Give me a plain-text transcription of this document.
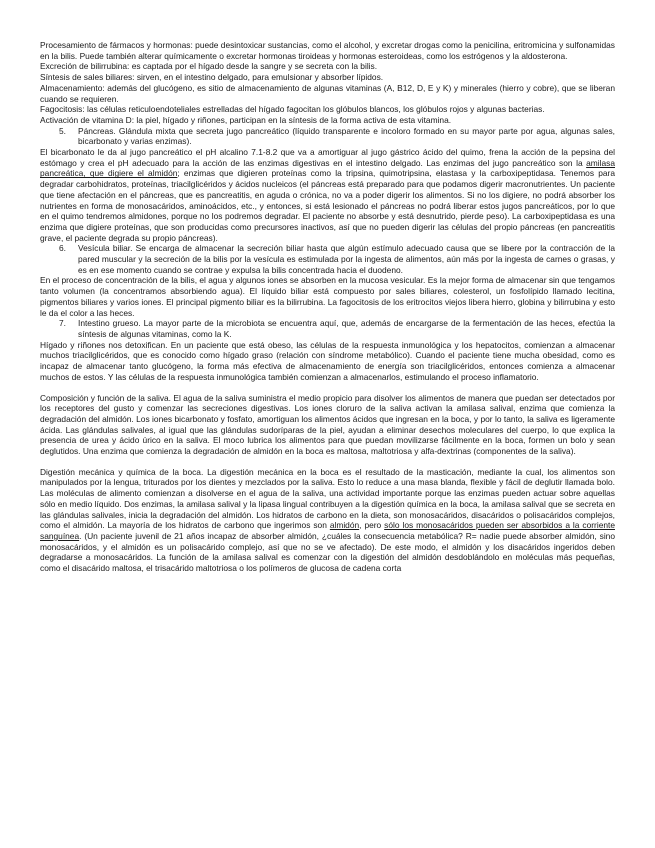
Procesamiento de fármacos y hormonas: puede desintoxicar sustancias, como el alcohol, y excretar drogas como la penicilina, eritromicina y sulfonamidas en la bilis. Puede también alterar químicamente o excretar hormonas tiroideas y hormonas esteroideas, como los estrógenos y la aldosterona.

Excreción de bilirrubina: es captada por el hígado desde la sangre y se secreta con la bilis.

Síntesis de sales biliares: sirven, en el intestino delgado, para emulsionar y absorber lípidos.

Almacenamiento: además del glucógeno, es sitio de almacenamiento de algunas vitaminas (A, B12, D, E y K) y minerales (hierro y cobre), que se liberan cuando se requieren.

Fagocitosis: las células reticuloendoteliales estrelladas del hígado fagocitan los glóbulos blancos, los glóbulos rojos y algunas bacterias.

Activación de vitamina D: la piel, hígado y riñones, participan en la síntesis de la forma activa de esta vitamina.

5.	Páncreas. Glándula mixta que secreta jugo pancreático (líquido transparente e incoloro formado en su mayor parte por agua, algunas sales, bicarbonato y varias enzimas).

El bicarbonato le da al jugo pancreático el pH alcalino 7.1-8.2 que va a amortiguar al jugo gástrico ácido del quimo, frena la acción de la pepsina del estómago y crea el pH adecuado para la acción de las enzimas digestivas en el intestino delgado. Las enzimas del jugo pancreático son la amilasa pancreática, que digiere el almidón; enzimas que digieren proteínas como la tripsina, quimotripsina, elastasa y la carboxipeptidasa. Tenemos para degradar carbohidratos, proteínas, triacilglicéridos y ácidos nucleicos (el páncreas está preparado para que podamos digerir macronutrientes. Un paciente que tiene afectación en el páncreas, que es pancreatitis, en aguda o crónica, no va a poder digerir los alimentos. Si no los digiere, no podrá absorber los nutrientes en forma de monosacáridos, aminoácidos, etc., y entonces, si está lesionado el páncreas no podrá liberar estos jugos pancreáticos, por lo que en el quimo tendremos almidones, porque no los podremos degradar. El paciente no absorbe y está desnutrido, pierde peso). La carboxipeptidasa es una enzima que digiere proteínas, que son producidas como precursores inactivos, así que no pueden digerir las células del propio páncreas (en pancreatitis grave, el paciente degrada su propio páncreas).

6.	Vesícula biliar. Se encarga de almacenar la secreción biliar hasta que algún estímulo adecuado causa que se libere por la contracción de la pared muscular y la secreción de la bilis por la vesícula es estimulada por la ingesta de alimentos, aún más por la ingesta de carnes o grasas, y es en ese momento cuando se contrae y expulsa la bilis concentrada hacia el duodeno.

En el proceso de concentración de la bilis, el agua y algunos iones se absorben en la mucosa vesicular. Es la mejor forma de almacenar sin que tengamos tanto volumen (la concentramos absorbiendo agua). El líquido biliar está compuesto por sales biliares, colesterol, un fosfolípido llamado lecitina, pigmentos biliares y varios iones. El principal pigmento biliar es la bilirrubina. La fagocitosis de los eritrocitos viejos libera hierro, globina y bilirrubina y esto le da el color a las heces.

7.	Intestino grueso. La mayor parte de la microbiota se encuentra aquí, que, además de encargarse de la fermentación de las heces, efectúa la síntesis de algunas vitaminas, como la K.

Hígado y riñones nos detoxifican. En un paciente que está obeso, las células de la respuesta inmunológica y los hepatocitos, comienzan a almacenar muchos triacilglicéridos, que es conocido como hígado graso (relación con síndrome metabólico). Cuando el paciente tiene mucha obesidad, como es incapaz de almacenar tanto glucógeno, la forma más efectiva de almacenamiento de energía son triacilglicéridos, entonces comienza a almacenar muchos de estos. Y las células de la respuesta inmunológica también comienzan a almacenarlos, estimulando el proceso inflamatorio.

Composición y función de la saliva. El agua de la saliva suministra el medio propicio para disolver los alimentos de manera que puedan ser detectados por los receptores del gusto y comenzar las secreciones digestivas. Los iones cloruro de la saliva activan la amilasa salival, enzima que comienza la degradación del almidón. Los iones bicarbonato y fosfato, amortiguan los alimentos ácidos que ingresan en la boca, y por lo tanto, la saliva es ligeramente ácida. Las glándulas salivales, al igual que las glándulas sudoríparas de la piel, ayudan a eliminar desechos moleculares del cuerpo, lo que explica la presencia de urea y ácido úrico en la saliva. El moco lubrica los alimentos para que puedan movilizarse fácilmente en la boca, formen un bolo y sean deglutidos. Una enzima que comienza la degradación de almidón en la boca es maltosa, maltotriosa y alfa-dextrinas (componentes de la saliva).

Digestión mecánica y química de la boca. La digestión mecánica en la boca es el resultado de la masticación, mediante la cual, los alimentos son manipulados por la lengua, triturados por los dientes y mezclados por la saliva. Esto lo reduce a una masa blanda, flexible y fácil de deglutir llamada bolo. Las moléculas de alimento comienzan a disolverse en el agua de la saliva, una actividad importante porque las enzimas pueden actuar sobre aquellas sólo en medio líquido. Dos enzimas, la amilasa salival y la lipasa lingual contribuyen a la digestión química en la boca, la amilasa salival que se secreta en las glándulas salivales, inicia la degradación del almidón. Los hidratos de carbono en la dieta, son monosacáridos, disacáridos o polisacáridos complejos, como el almidón. La mayoría de los hidratos de carbono que ingerimos son almidón, pero sólo los monosacáridos pueden ser absorbidos a la corriente sanguínea. (Un paciente juvenil de 21 años incapaz de absorber almidón, ¿cuáles la consecuencia metabólica? R= nadie puede absorber almidón, sino monosacáridos, y el almidón es un polisacárido complejo, así que no se ve afectado). De este modo, el almidón y los disacáridos ingeridos deben degradarse a monosacáridos. La función de la amilasa salival es comenzar con la digestión del almidón desdoblándolo en moléculas más pequeñas, como el disacárido maltosa, el trisacárido maltotriosa o los polímeros de glucosa de cadena corta
